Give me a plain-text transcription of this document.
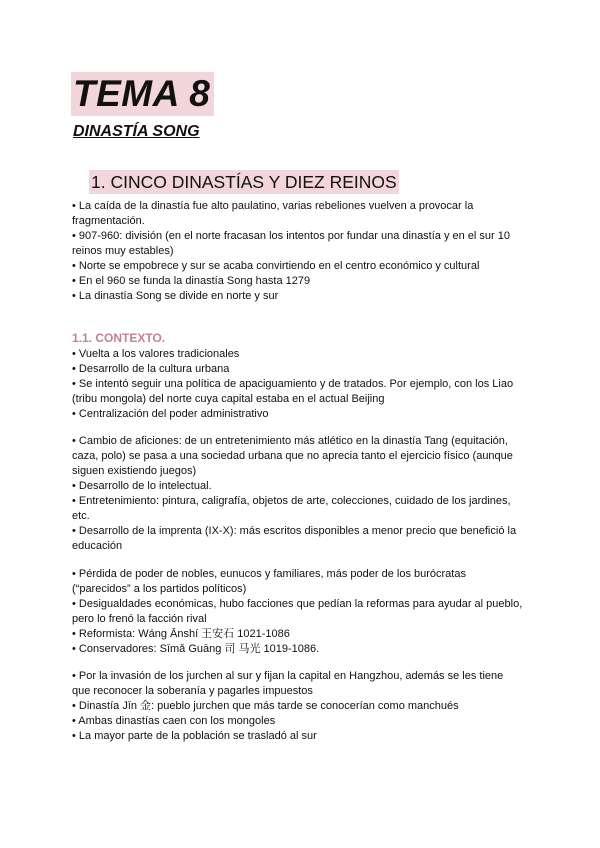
TEMA 8
DINASTÍA SONG
1. CINCO DINASTÍAS Y DIEZ REINOS
• La caída de la dinastía fue alto paulatino, varias rebeliones vuelven a provocar la
fragmentación.
• 907-960: división (en el norte fracasan los intentos por fundar una dinastía y en el sur 10
reinos muy estables)
• Norte se empobrece y sur se acaba convirtiendo en el centro económico y cultural
• En el 960 se funda la dinastía Song hasta 1279
• La dinastía Song se divide en norte y sur
1.1. CONTEXTO.
• Vuelta a los valores tradicionales
• Desarrollo de la cultura urbana
• Se intentó seguir una política de apaciguamiento y de tratados. Por ejemplo, con los Liao
(tribu mongola) del norte cuya capital estaba en el actual Beijing
• Centralización del poder administrativo
• Cambio de aficiones: de un entretenimiento más atlético en la dinastía Tang (equitación,
caza, polo) se pasa a una sociedad urbana que no aprecia tanto el ejercicio físico (aunque
siguen existiendo juegos)
• Desarrollo de lo intelectual.
• Entretenimiento: pintura, caligrafía, objetos de arte, colecciones, cuidado de los jardines,
etc.
• Desarrollo de la imprenta (IX-X): más escritos disponibles a menor precio que benefició la
educación
• Pérdida de poder de nobles, eunucos y familiares, más poder de los burócratas
(“parecidos” a los partidos políticos)
• Desigualdades económicas, hubo facciones que pedían la reformas para ayudar al pueblo,
pero lo frenó la facción rival
• Reformista: Wáng Ānshí 王安石 1021-1086
• Conservadores: Sīmǎ Guāng 司 马光 1019-1086.
• Por la invasión de los jurchen al sur y fijan la capital en Hangzhou, además se les tiene
que reconocer la soberanía y pagarles impuestos
• Dinastía Jīn 金: pueblo jurchen que más tarde se conocerían como manchués
• Ambas dinastías caen con los mongoles
• La mayor parte de la población se trasladó al sur
